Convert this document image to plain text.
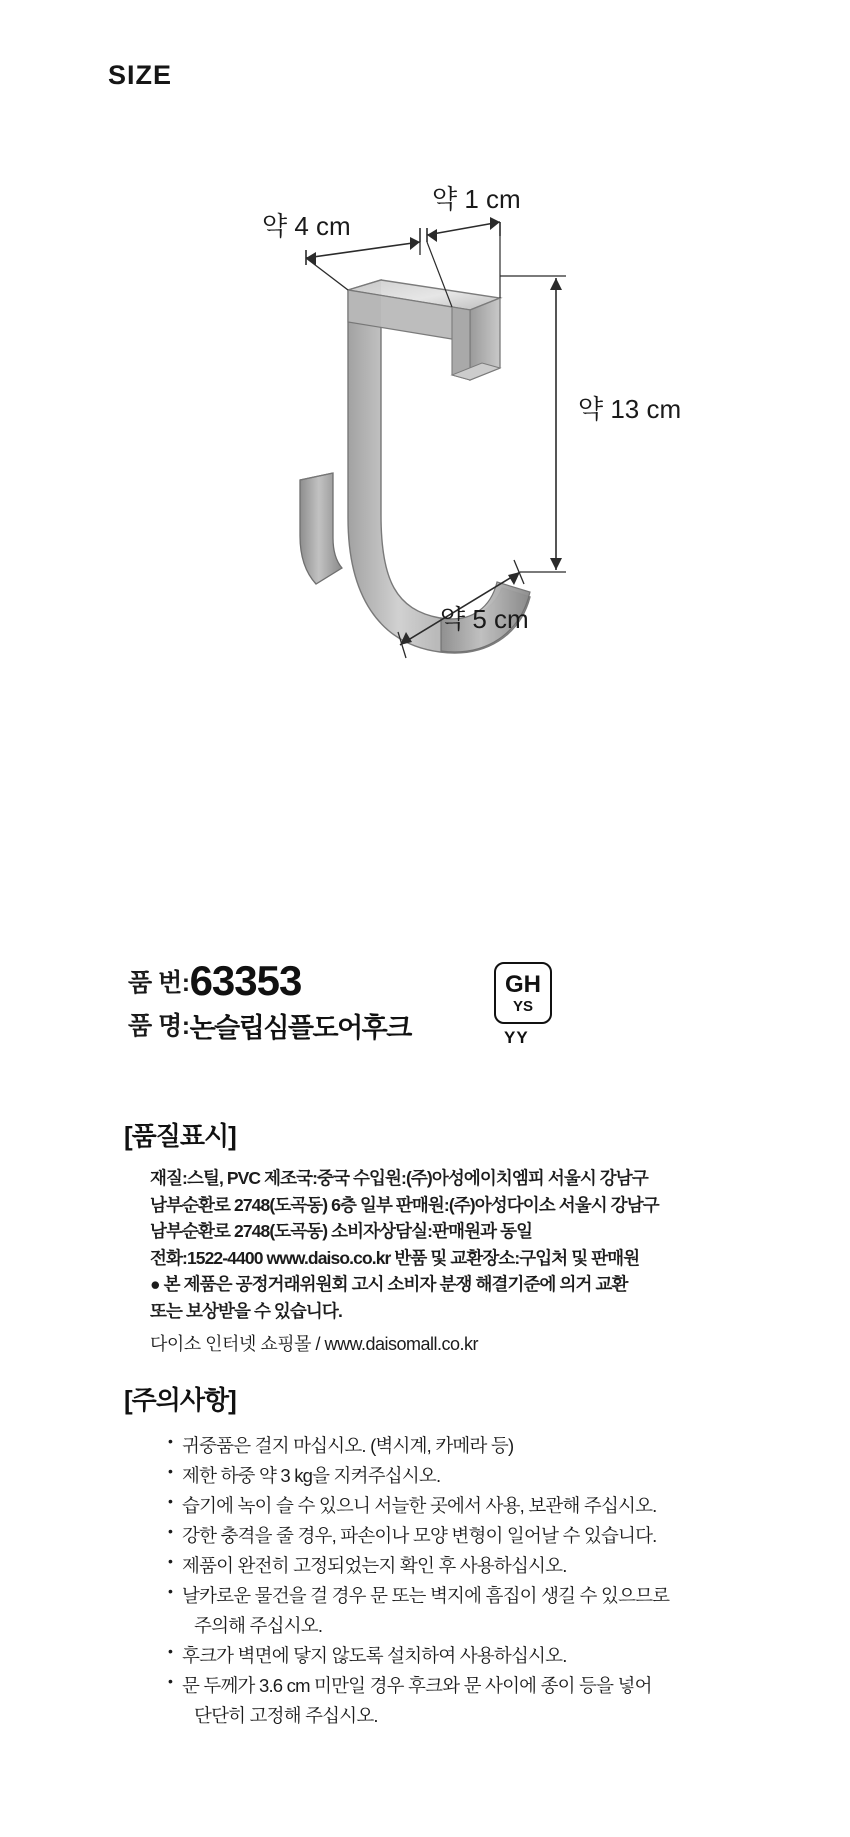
SIZE
약 4 cm
약 1 cm
약 13 cm
약 5 cm
품 번: 63353
품 명: 논슬립심플도어후크
GH
YS
YY
[품질표시]
재질:스틸, PVC 제조국:중국 수입원:(주)아성에이치엠피 서울시 강남구
남부순환로 2748(도곡동) 6층 일부 판매원:(주)아성다이소 서울시 강남구
남부순환로 2748(도곡동) 소비자상담실:판매원과 동일
전화:1522-4400 www.daiso.co.kr 반품 및 교환장소:구입처 및 판매원
● 본 제품은 공정거래위원회 고시 소비자 분쟁 해결기준에 의거 교환
또는 보상받을 수 있습니다.
다이소 인터넷 쇼핑몰 / www.daisomall.co.kr
[주의사항]
• 귀중품은 걸지 마십시오. (벽시계, 카메라 등)
• 제한 하중 약 3 kg을 지켜주십시오.
• 습기에 녹이 슬 수 있으니 서늘한 곳에서 사용, 보관해 주십시오.
• 강한 충격을 줄 경우, 파손이나 모양 변형이 일어날 수 있습니다.
• 제품이 완전히 고정되었는지 확인 후 사용하십시오.
• 날카로운 물건을 걸 경우 문 또는 벽지에 흠집이 생길 수 있으므로
주의해 주십시오.
• 후크가 벽면에 닿지 않도록 설치하여 사용하십시오.
• 문 두께가 3.6 cm 미만일 경우 후크와 문 사이에 종이 등을 넣어
단단히 고정해 주십시오.
